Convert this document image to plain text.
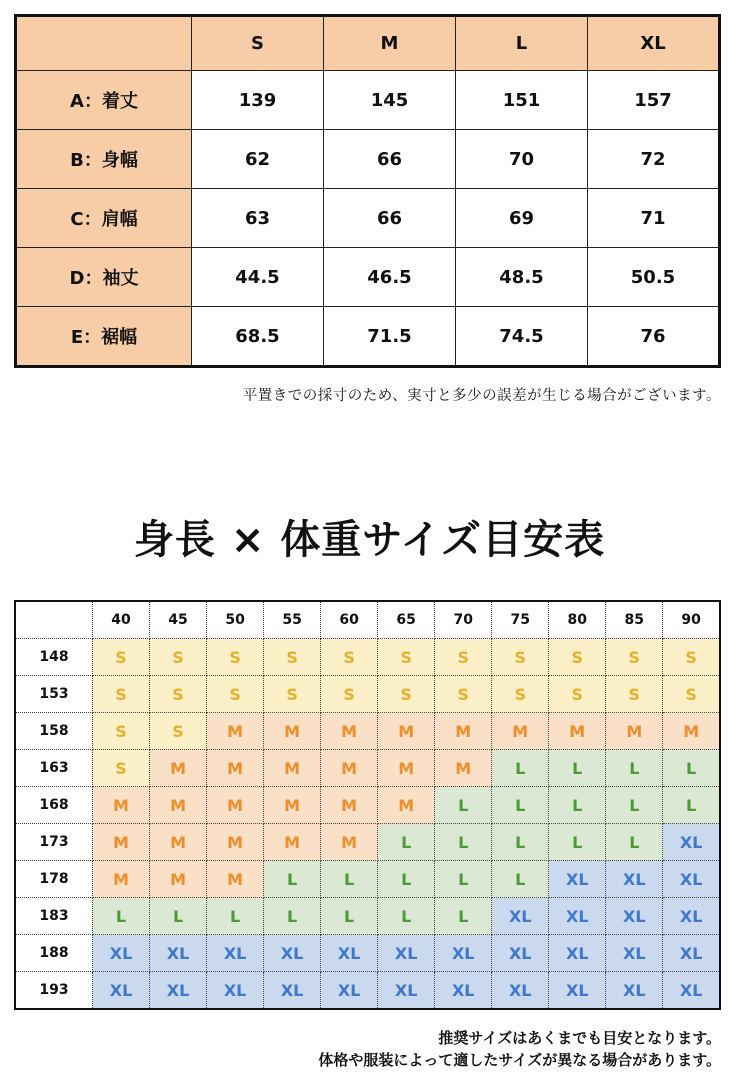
	S	M	L	XL
A：着丈	139	145	151	157
B：身幅	62	66	70	72
C：肩幅	63	66	69	71
D：袖丈	44.5	46.5	48.5	50.5
E：裾幅	68.5	71.5	74.5	76
平置きでの採寸のため、実寸と多少の誤差が生じる場合がございます。
身長 × 体重サイズ目安表
	40	45	50	55	60	65	70	75	80	85	90
148	S	S	S	S	S	S	S	S	S	S	S
153	S	S	S	S	S	S	S	S	S	S	S
158	S	S	M	M	M	M	M	M	M	M	M
163	S	M	M	M	M	M	M	L	L	L	L
168	M	M	M	M	M	M	L	L	L	L	L
173	M	M	M	M	M	L	L	L	L	L	XL
178	M	M	M	L	L	L	L	L	XL	XL	XL
183	L	L	L	L	L	L	L	XL	XL	XL	XL
188	XL	XL	XL	XL	XL	XL	XL	XL	XL	XL	XL
193	XL	XL	XL	XL	XL	XL	XL	XL	XL	XL	XL
推奨サイズはあくまでも目安となります。
体格や服装によって適したサイズが異なる場合があります。
